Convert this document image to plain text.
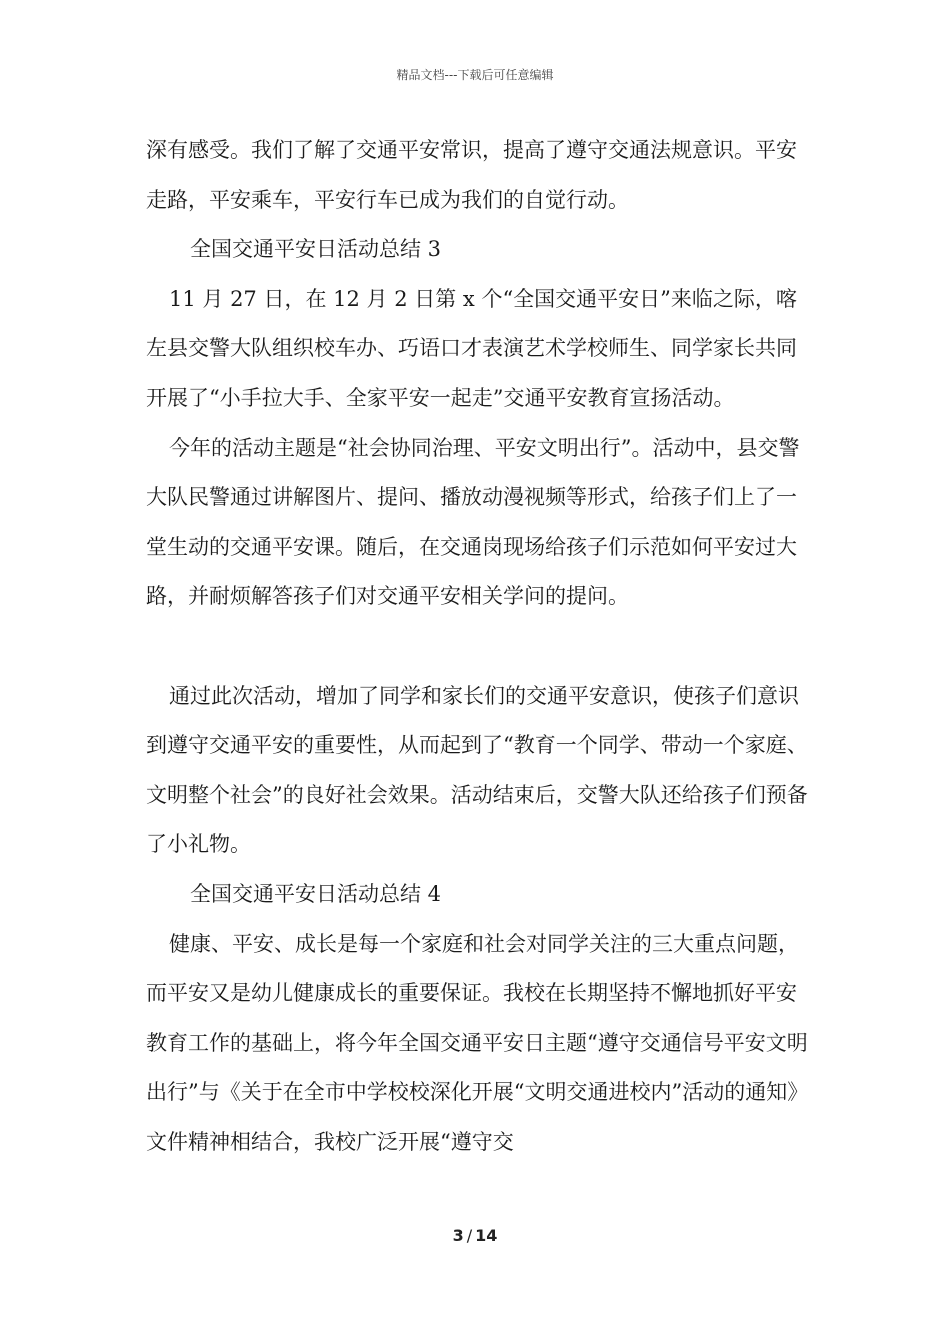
精品文档---下载后可任意编辑

深有感受。我们了解了交通平安常识，提高了遵守交通法规意识。平安走路，平安乘车，平安行车已成为我们的自觉行动。

全国交通平安日活动总结 3

11 月 27 日，在 12 月 2 日第 x 个“全国交通平安日”来临之际，喀左县交警大队组织校车办、巧语口才表演艺术学校师生、同学家长共同开展了“小手拉大手、全家平安一起走”交通平安教育宣扬活动。

今年的活动主题是“社会协同治理、平安文明出行”。活动中，县交警大队民警通过讲解图片、提问、播放动漫视频等形式，给孩子们上了一堂生动的交通平安课。随后，在交通岗现场给孩子们示范如何平安过大路，并耐烦解答孩子们对交通平安相关学问的提问。

通过此次活动，增加了同学和家长们的交通平安意识，使孩子们意识到遵守交通平安的重要性，从而起到了“教育一个同学、带动一个家庭、文明整个社会”的良好社会效果。活动结束后，交警大队还给孩子们预备了小礼物。

全国交通平安日活动总结 4

健康、平安、成长是每一个家庭和社会对同学关注的三大重点问题，而平安又是幼儿健康成长的重要保证。我校在长期坚持不懈地抓好平安教育工作的基础上，将今年全国交通平安日主题“遵守交通信号平安文明出行”与《关于在全市中学校校深化开展“文明交通进校内”活动的通知》文件精神相结合，我校广泛开展“遵守交

3 / 14
